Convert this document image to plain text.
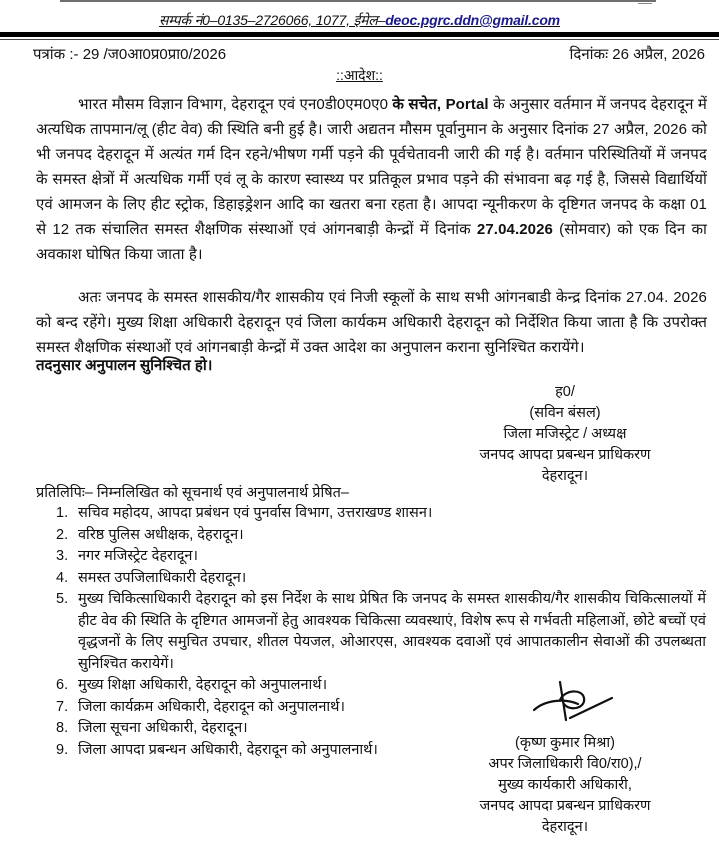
सम्पर्क नं0–0135–2726066, 1077, ईमेल–deoc.pgrc.ddn@gmail.com
पत्रांक :- 29 /ज0आ0प्र0प्रा0/2026	दिनांकः 26 अप्रैल, 2026
::आदेश::
भारत मौसम विज्ञान विभाग, देहरादून एवं एन0डी0एम0ए0 के सचेत, Portal के अनुसार वर्तमान में जनपद देहरादून में अत्यधिक तापमान/लू (हीट वेव) की स्थिति बनी हुई है। जारी अद्यतन मौसम पूर्वानुमान के अनुसार दिनांक 27 अप्रैल, 2026 को भी जनपद देहरादून में अत्यंत गर्म दिन रहने/भीषण गर्मी पड़ने की पूर्वचेतावनी जारी की गई है। वर्तमान परिस्थितियों में जनपद के समस्त क्षेत्रों में अत्यधिक गर्मी एवं लू के कारण स्वास्थ्य पर प्रतिकूल प्रभाव पड़ने की संभावना बढ़ गई है, जिससे विद्यार्थियों एवं आमजन के लिए हीट स्ट्रोक, डिहाइड्रेशन आदि का खतरा बना रहता है। आपदा न्यूनीकरण के दृष्टिगत जनपद के कक्षा 01 से 12 तक संचालित समस्त शैक्षणिक संस्थाओं एवं आंगनबाड़ी केन्द्रों में दिनांक 27.04.2026 (सोमवार) को एक दिन का अवकाश घोषित किया जाता है।
अतः जनपद के समस्त शासकीय/गैर शासकीय एवं निजी स्कूलों के साथ सभी आंगनबाडी केन्द्र दिनांक 27.04. 2026 को बन्द रहेंगे। मुख्य शिक्षा अधिकारी देहरादून एवं जिला कार्यकम अधिकारी देहरादून को निर्देशित किया जाता है कि उपरोक्त समस्त शैक्षणिक संस्थाओं एवं आंगनबाड़ी केन्द्रों में उक्त आदेश का अनुपालन कराना सुनिश्चित करायेंगे।
तदनुसार अनुपालन सुनिश्चित हो।
ह0/
(सविन बंसल)
जिला मजिस्ट्रेट / अध्यक्ष
जनपद आपदा प्रबन्धन प्राधिकरण
देहरादून।
प्रतिलिपिः– निम्नलिखित को सूचनार्थ एवं अनुपालनार्थ प्रेषित–
1. सचिव महोदय, आपदा प्रबंधन एवं पुनर्वास विभाग, उत्तराखण्ड शासन।
2. वरिष्ठ पुलिस अधीक्षक, देहरादून।
3. नगर मजिस्ट्रेट देहरादून।
4. समस्त उपजिलाधिकारी देहरादून।
5. मुख्य चिकित्साधिकारी देहरादून को इस निर्देश के साथ प्रेषित कि जनपद के समस्त शासकीय/गैर शासकीय चिकित्सालयों में हीट वेव की स्थिति के दृष्टिगत आमजनों हेतु आवश्यक चिकित्सा व्यवस्थाएं, विशेष रूप से गर्भवती महिलाओं, छोटे बच्चों एवं वृद्धजनों के लिए समुचित उपचार, शीतल पेयजल, ओआरएस, आवश्यक दवाओं एवं आपातकालीन सेवाओं की उपलब्धता सुनिश्चित करायेगें।
6. मुख्य शिक्षा अधिकारी, देहरादून को अनुपालनार्थ।
7. जिला कार्यक्रम अधिकारी, देहरादून को अनुपालनार्थ।
8. जिला सूचना अधिकारी, देहरादून।
9. जिला आपदा प्रबन्धन अधिकारी, देहरादून को अनुपालनार्थ।	(कृष्ण कुमार मिश्रा)
अपर जिलाधिकारी वि0/रा0),/
मुख्य कार्यकारी अधिकारी,
जनपद आपदा प्रबन्धन प्राधिकरण
देहरादून।
